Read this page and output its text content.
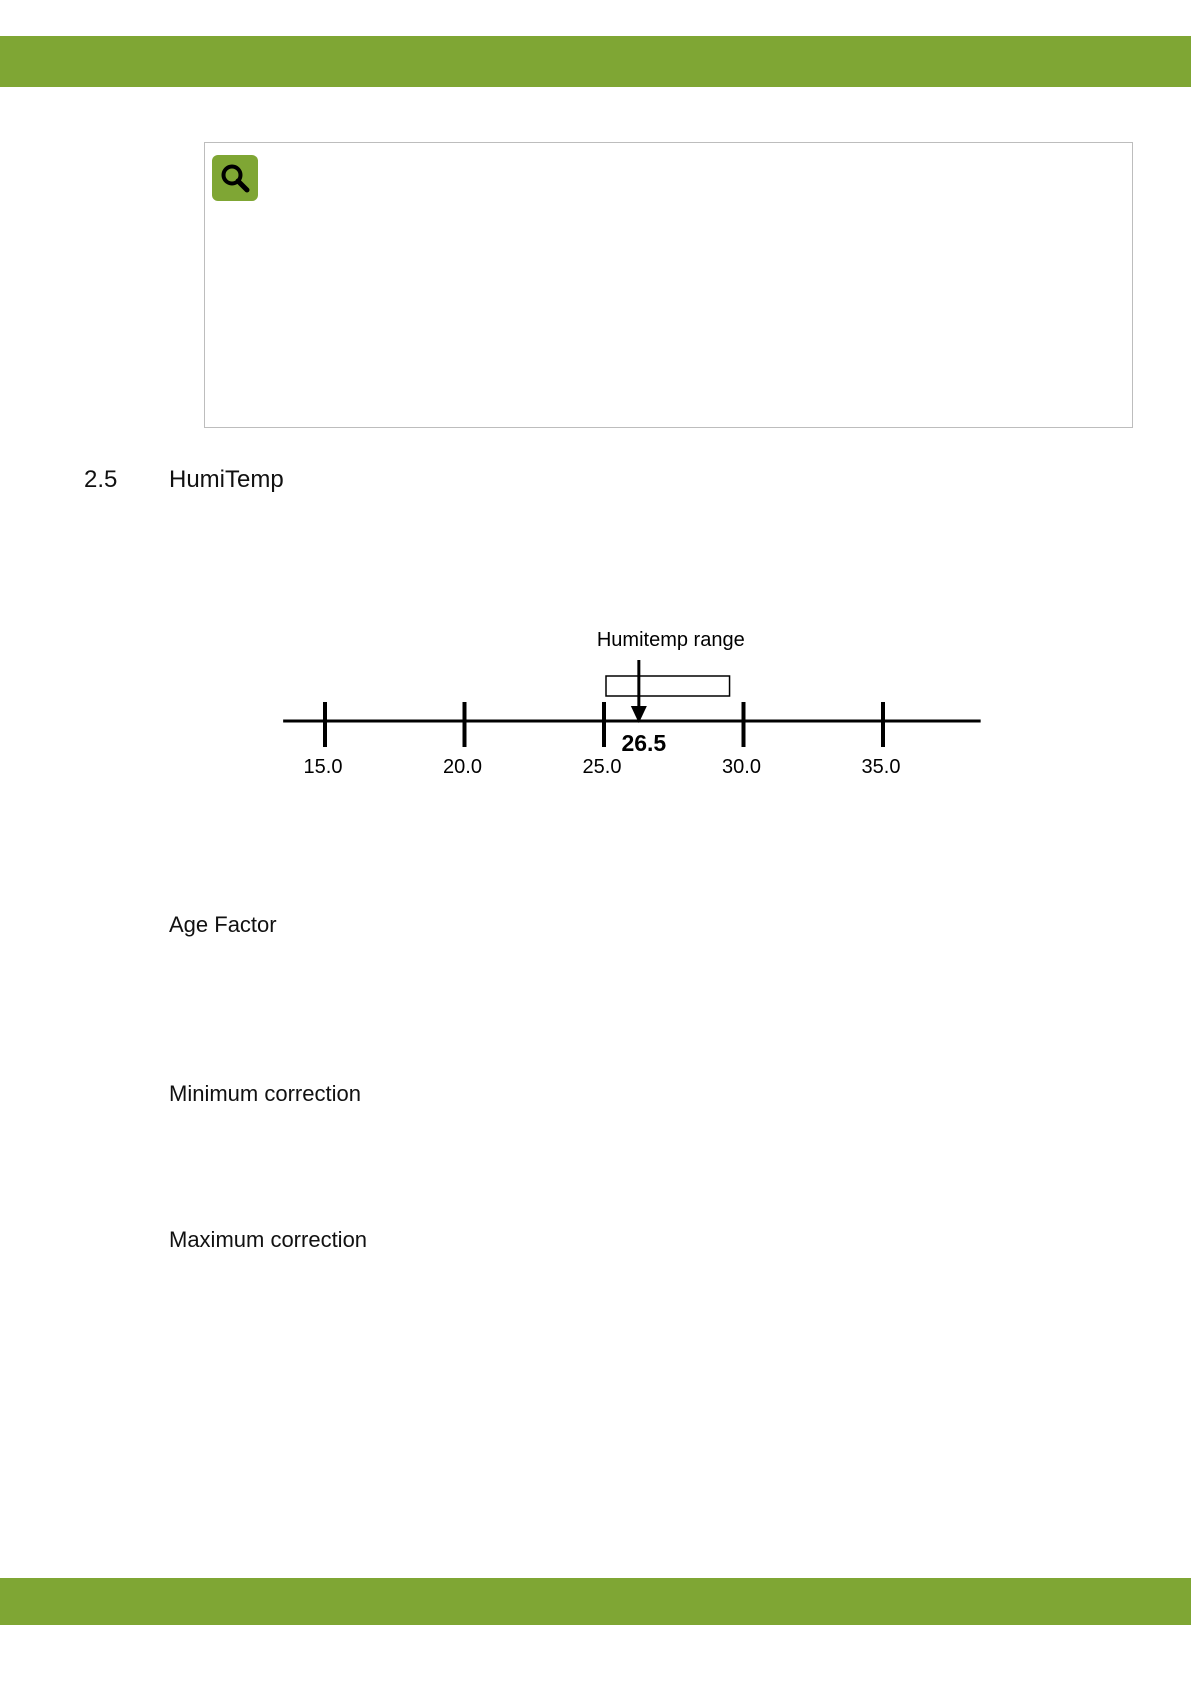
2.5 HumiTemp
Humitemp range
15.0	20.0	25.0	30.0	35.0
26.5
Age Factor
Minimum correction
Maximum correction
